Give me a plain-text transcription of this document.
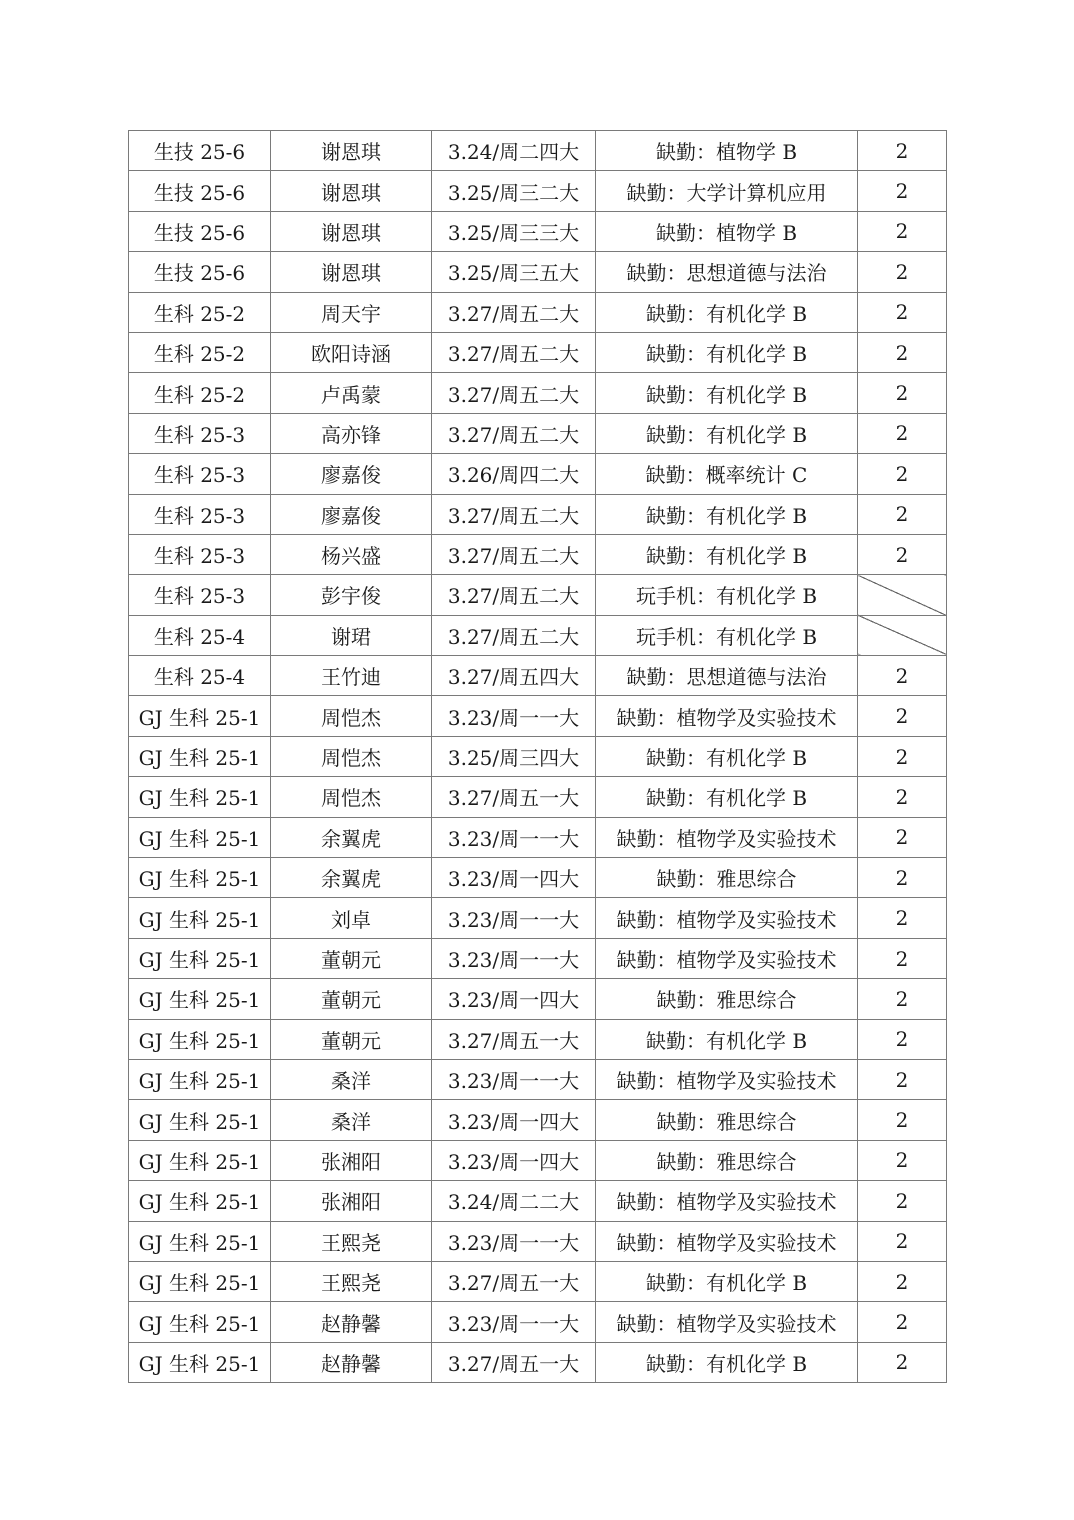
生技 25-6	谢恩琪	3.24/周二四大	缺勤：植物学 B	2
生技 25-6	谢恩琪	3.25/周三二大	缺勤：大学计算机应用	2
生技 25-6	谢恩琪	3.25/周三三大	缺勤：植物学 B	2
生技 25-6	谢恩琪	3.25/周三五大	缺勤：思想道德与法治	2
生科 25-2	周天宇	3.27/周五二大	缺勤：有机化学 B	2
生科 25-2	欧阳诗涵	3.27/周五二大	缺勤：有机化学 B	2
生科 25-2	卢禹蒙	3.27/周五二大	缺勤：有机化学 B	2
生科 25-3	高亦锋	3.27/周五二大	缺勤：有机化学 B	2
生科 25-3	廖嘉俊	3.26/周四二大	缺勤：概率统计 C	2
生科 25-3	廖嘉俊	3.27/周五二大	缺勤：有机化学 B	2
生科 25-3	杨兴盛	3.27/周五二大	缺勤：有机化学 B	2
生科 25-3	彭宇俊	3.27/周五二大	玩手机：有机化学 B	
生科 25-4	谢珺	3.27/周五二大	玩手机：有机化学 B	
生科 25-4	王竹迪	3.27/周五四大	缺勤：思想道德与法治	2
GJ 生科 25-1	周恺杰	3.23/周一一大	缺勤：植物学及实验技术	2
GJ 生科 25-1	周恺杰	3.25/周三四大	缺勤：有机化学 B	2
GJ 生科 25-1	周恺杰	3.27/周五一大	缺勤：有机化学 B	2
GJ 生科 25-1	余翼虎	3.23/周一一大	缺勤：植物学及实验技术	2
GJ 生科 25-1	余翼虎	3.23/周一四大	缺勤：雅思综合	2
GJ 生科 25-1	刘卓	3.23/周一一大	缺勤：植物学及实验技术	2
GJ 生科 25-1	董朝元	3.23/周一一大	缺勤：植物学及实验技术	2
GJ 生科 25-1	董朝元	3.23/周一四大	缺勤：雅思综合	2
GJ 生科 25-1	董朝元	3.27/周五一大	缺勤：有机化学 B	2
GJ 生科 25-1	桑洋	3.23/周一一大	缺勤：植物学及实验技术	2
GJ 生科 25-1	桑洋	3.23/周一四大	缺勤：雅思综合	2
GJ 生科 25-1	张湘阳	3.23/周一四大	缺勤：雅思综合	2
GJ 生科 25-1	张湘阳	3.24/周二二大	缺勤：植物学及实验技术	2
GJ 生科 25-1	王熙尧	3.23/周一一大	缺勤：植物学及实验技术	2
GJ 生科 25-1	王熙尧	3.27/周五一大	缺勤：有机化学 B	2
GJ 生科 25-1	赵静馨	3.23/周一一大	缺勤：植物学及实验技术	2
GJ 生科 25-1	赵静馨	3.27/周五一大	缺勤：有机化学 B	2
